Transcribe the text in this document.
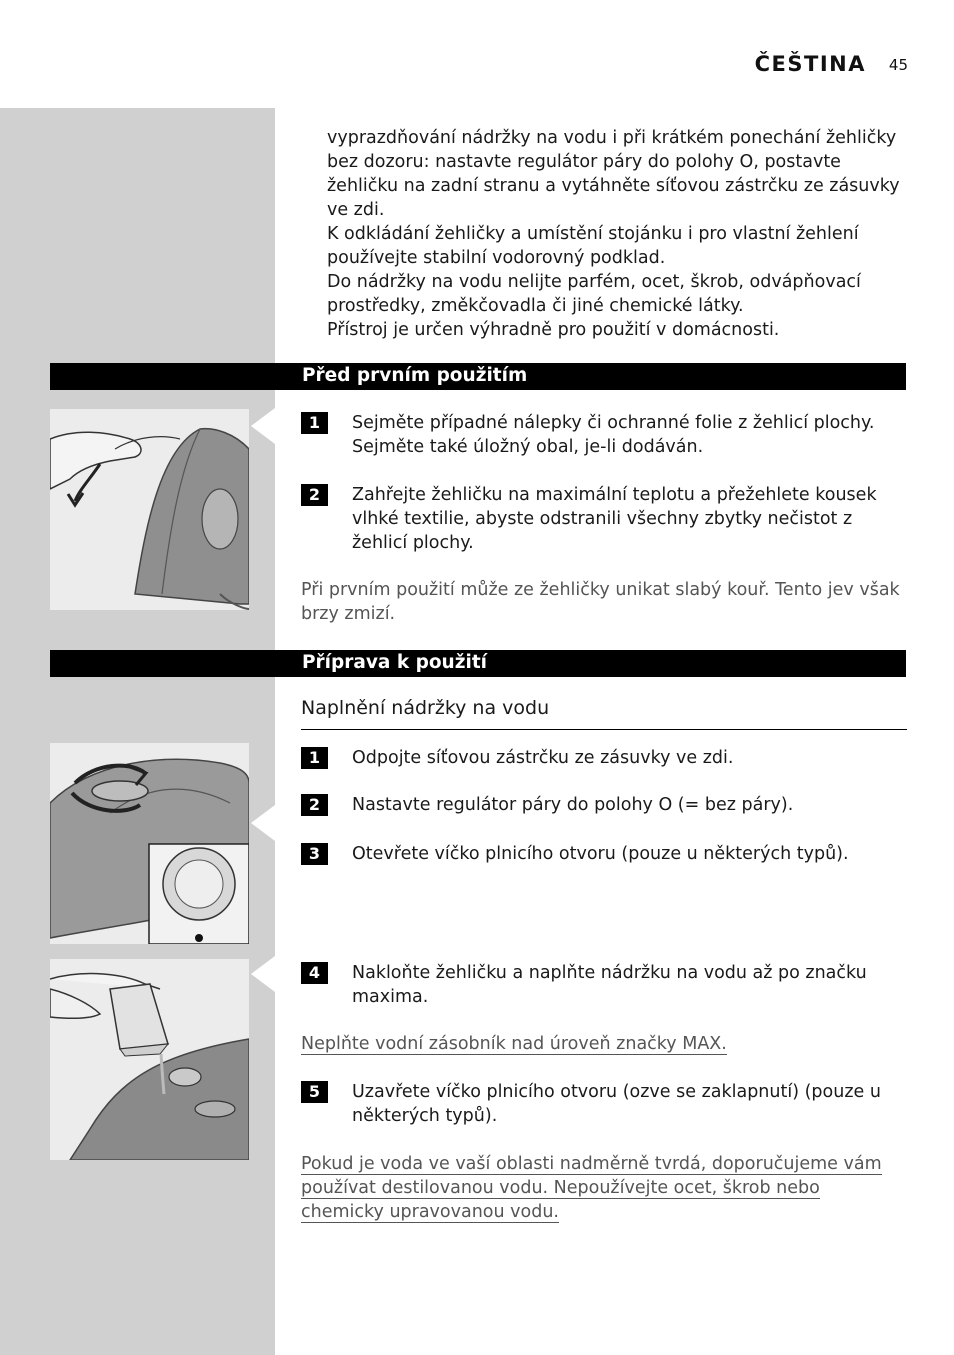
ČEŠTINA 45

vyprazdňování nádržky na vodu i při krátkém ponechání žehličky bez dozoru: nastavte regulátor páry do polohy O, postavte žehličku na zadní stranu a vytáhněte síťovou zástrčku ze zásuvky ve zdi.

K odkládání žehličky a umístění stojánku i pro vlastní žehlení používejte stabilní vodorovný podklad.

Do nádržky na vodu nelijte parfém, ocet, škrob, odvápňovací prostředky, změkčovadla či jiné chemické látky.

Přístroj je určen výhradně pro použití v domácnosti.

Před prvním použitím
1	Sejměte případné nálepky či ochranné folie z žehlicí plochy. Sejměte také úložný obal, je-li dodáván.
2	Zahřejte žehličku na maximální teplotu a přežehlete kousek vlhké textilie, abyste odstranili všechny zbytky nečistot z žehlicí plochy.
Při prvním použití může ze žehličky unikat slabý kouř. Tento jev však brzy zmizí.
Příprava k použití
Naplnění nádržky na vodu
1	Odpojte síťovou zástrčku ze zásuvky ve zdi.
2	Nastavte regulátor páry do polohy O (= bez páry).
3	Otevřete víčko plnicího otvoru (pouze u některých typů).
4	Nakloňte žehličku a naplňte nádržku na vodu až po značku maxima.
Neplňte vodní zásobník nad úroveň značky MAX.
5	Uzavřete víčko plnicího otvoru (ozve se zaklapnutí) (pouze u některých typů).
Pokud je voda ve vaší oblasti nadměrně tvrdá, doporučujeme vám používat destilovanou vodu. Nepoužívejte ocet, škrob nebo chemicky upravovanou vodu.
